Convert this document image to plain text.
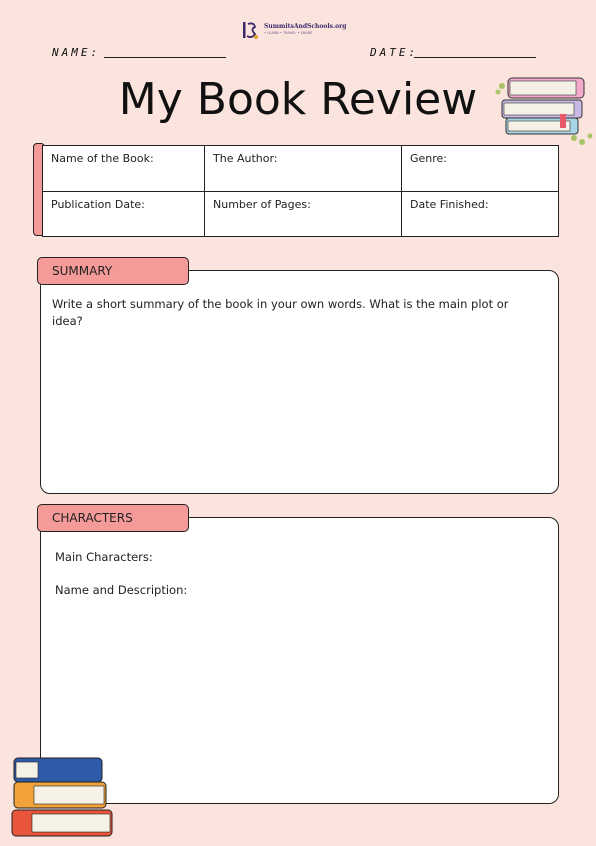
SummitsAndSchools.org
• LEARN • TRAVEL • SHARE
NAME:	DATE:
My Book Review
Name of the Book:	The Author:	Genre:
Publication Date:	Number of Pages:	Date Finished:
SUMMARY
Write a short summary of the book in your own words. What is the main plot or idea?
CHARACTERS
Main Characters:
Name and Description:
